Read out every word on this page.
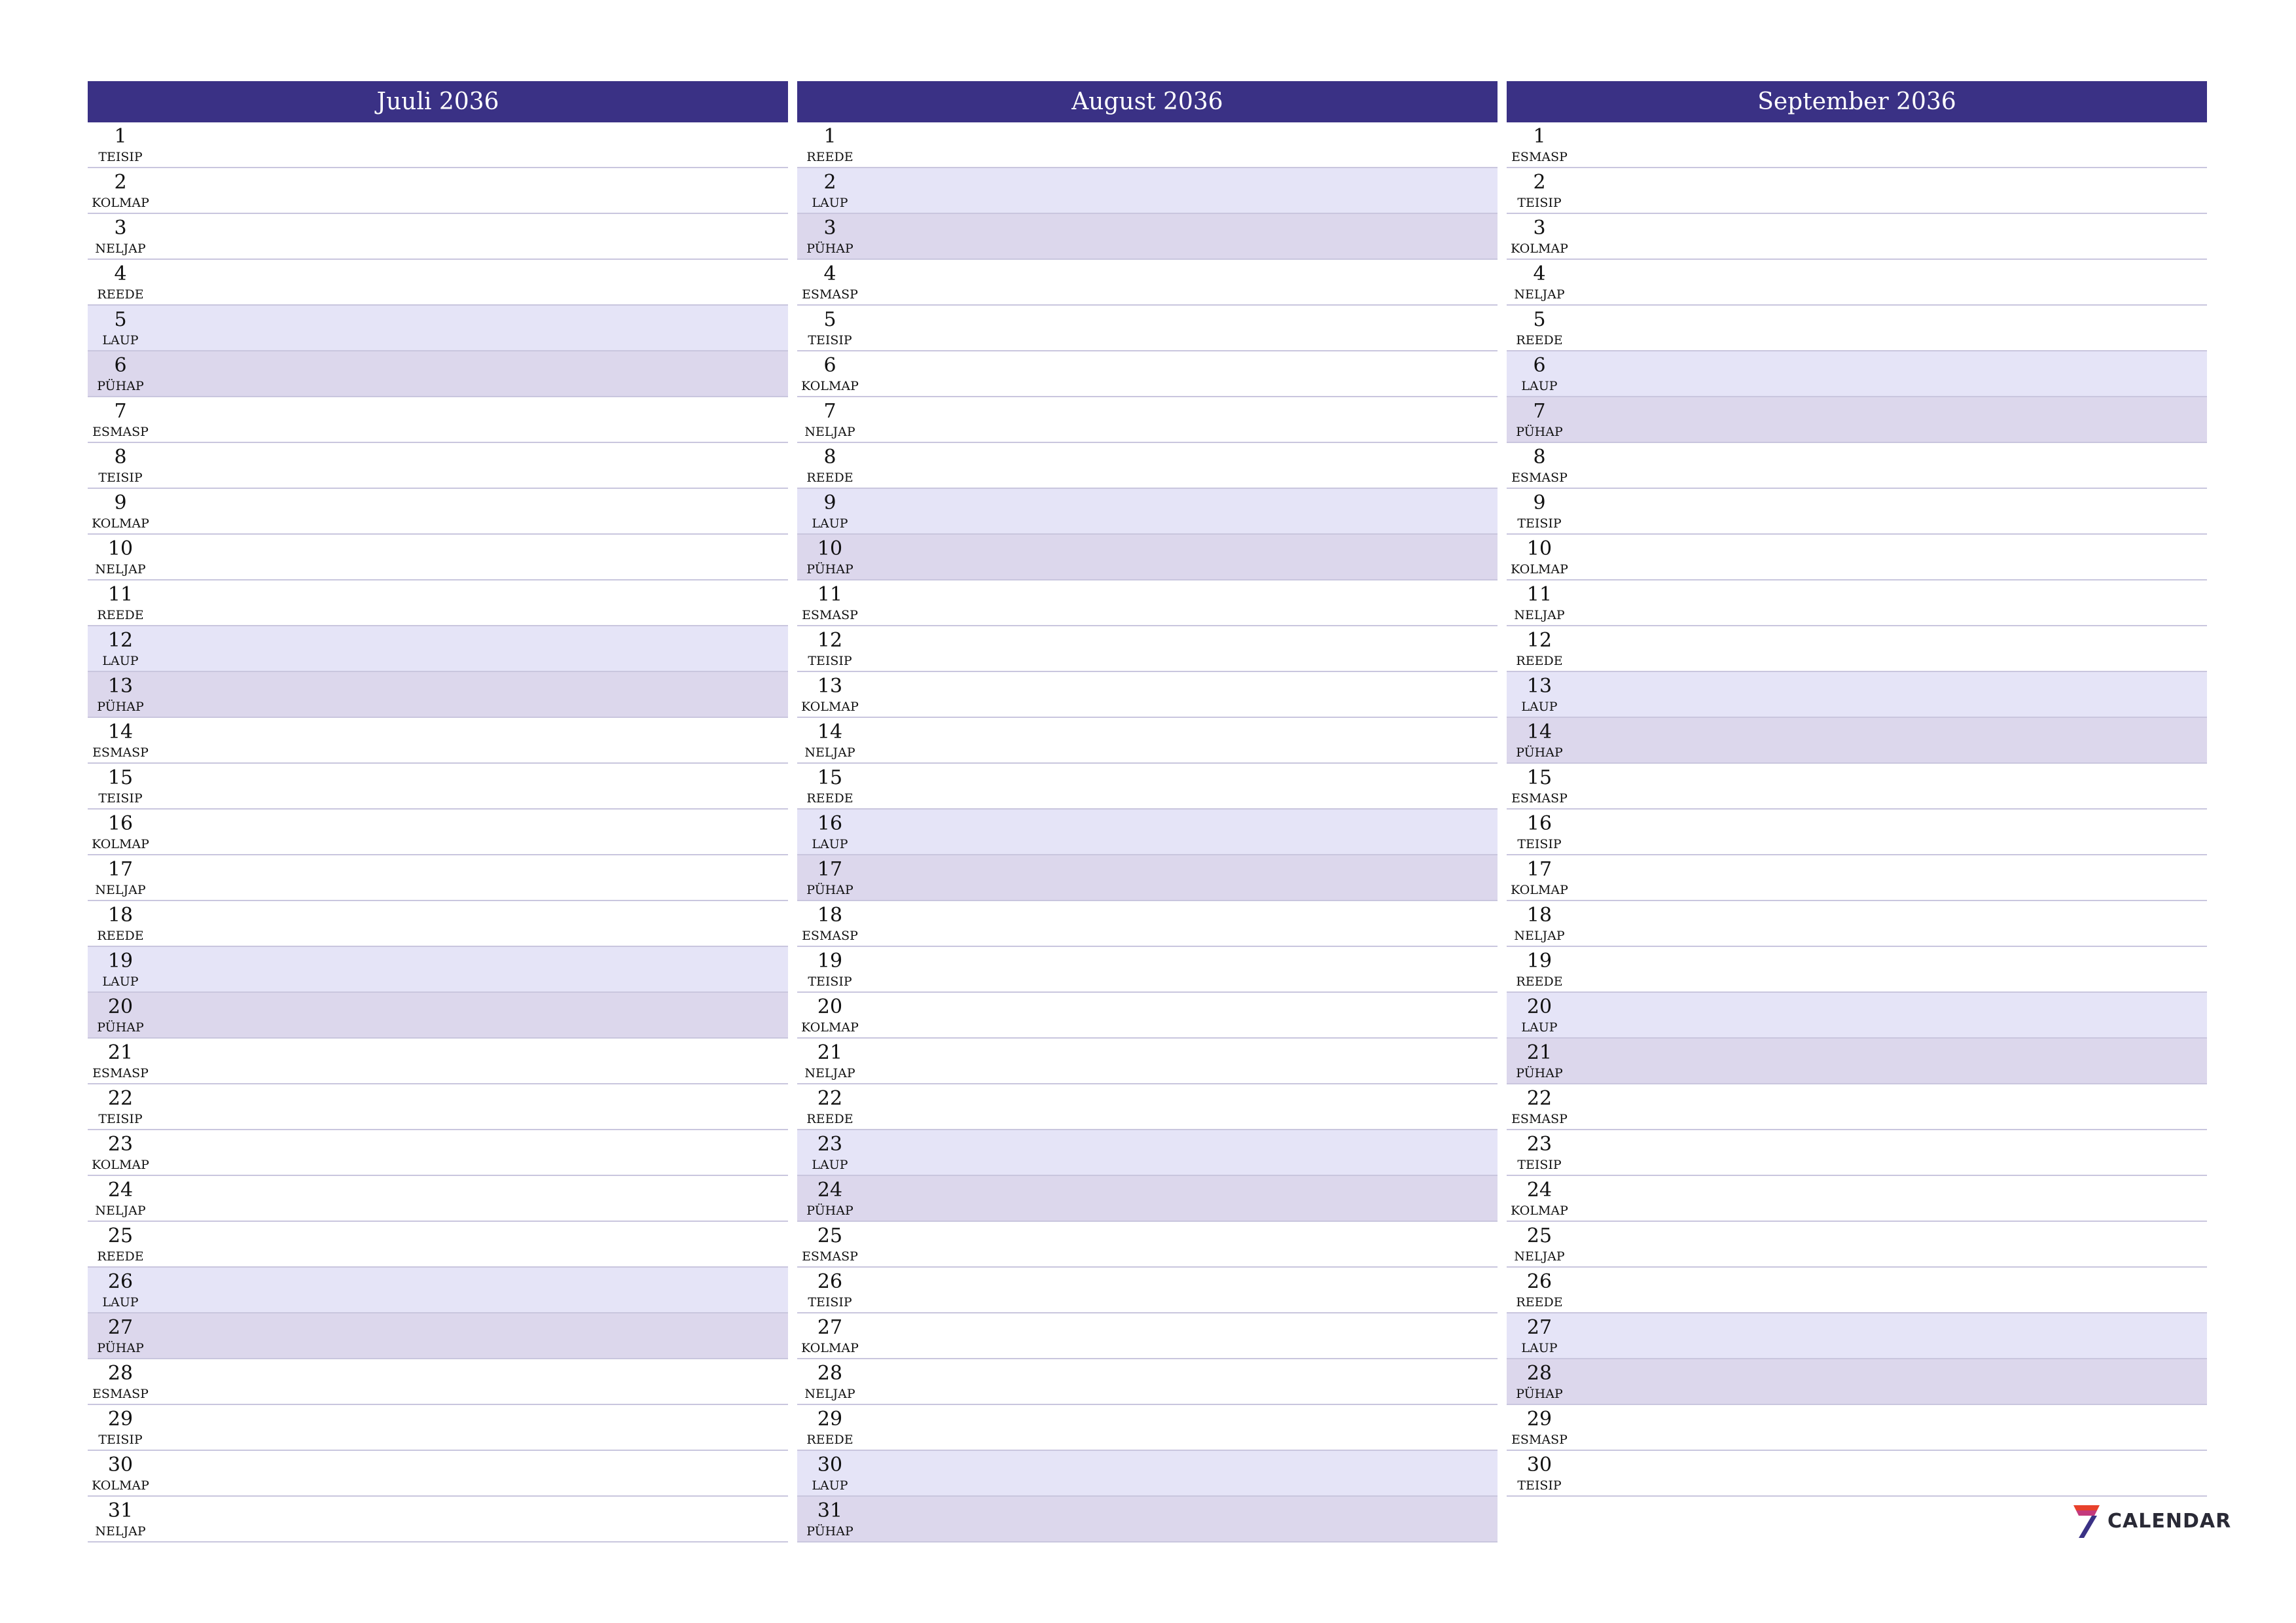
Juuli 2036
1
TEISIP
2
KOLMAP
3
NELJAP
4
REEDE
5
LAUP
6
PÜHAP
7
ESMASP
8
TEISIP
9
KOLMAP
10
NELJAP
11
REEDE
12
LAUP
13
PÜHAP
14
ESMASP
15
TEISIP
16
KOLMAP
17
NELJAP
18
REEDE
19
LAUP
20
PÜHAP
21
ESMASP
22
TEISIP
23
KOLMAP
24
NELJAP
25
REEDE
26
LAUP
27
PÜHAP
28
ESMASP
29
TEISIP
30
KOLMAP
31
NELJAP
August 2036
1
REEDE
2
LAUP
3
PÜHAP
4
ESMASP
5
TEISIP
6
KOLMAP
7
NELJAP
8
REEDE
9
LAUP
10
PÜHAP
11
ESMASP
12
TEISIP
13
KOLMAP
14
NELJAP
15
REEDE
16
LAUP
17
PÜHAP
18
ESMASP
19
TEISIP
20
KOLMAP
21
NELJAP
22
REEDE
23
LAUP
24
PÜHAP
25
ESMASP
26
TEISIP
27
KOLMAP
28
NELJAP
29
REEDE
30
LAUP
31
PÜHAP
September 2036
1
ESMASP
2
TEISIP
3
KOLMAP
4
NELJAP
5
REEDE
6
LAUP
7
PÜHAP
8
ESMASP
9
TEISIP
10
KOLMAP
11
NELJAP
12
REEDE
13
LAUP
14
PÜHAP
15
ESMASP
16
TEISIP
17
KOLMAP
18
NELJAP
19
REEDE
20
LAUP
21
PÜHAP
22
ESMASP
23
TEISIP
24
KOLMAP
25
NELJAP
26
REEDE
27
LAUP
28
PÜHAP
29
ESMASP
30
TEISIP
CALENDAR
